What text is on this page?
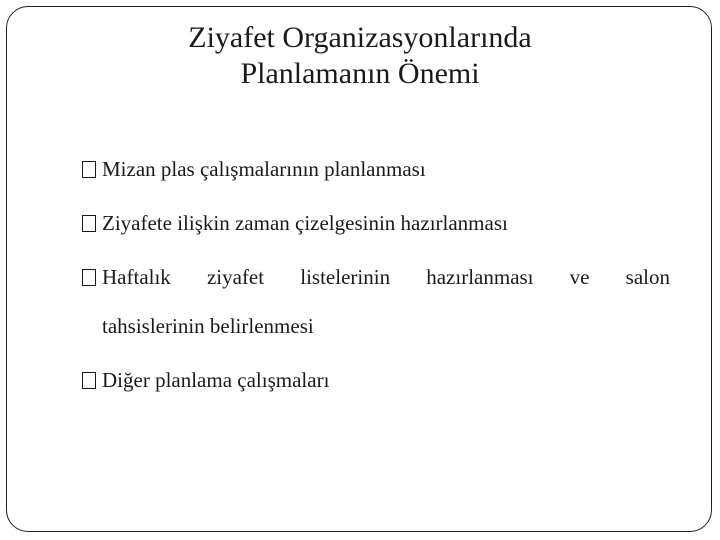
Ziyafet Organizasyonlarında
Planlamanın Önemi
Mizan plas çalışmalarının planlanması
Ziyafete ilişkin zaman çizelgesinin hazırlanması
Haftalık ziyafet listelerinin hazırlanması ve salon
tahsislerinin belirlenmesi
Diğer planlama çalışmaları
